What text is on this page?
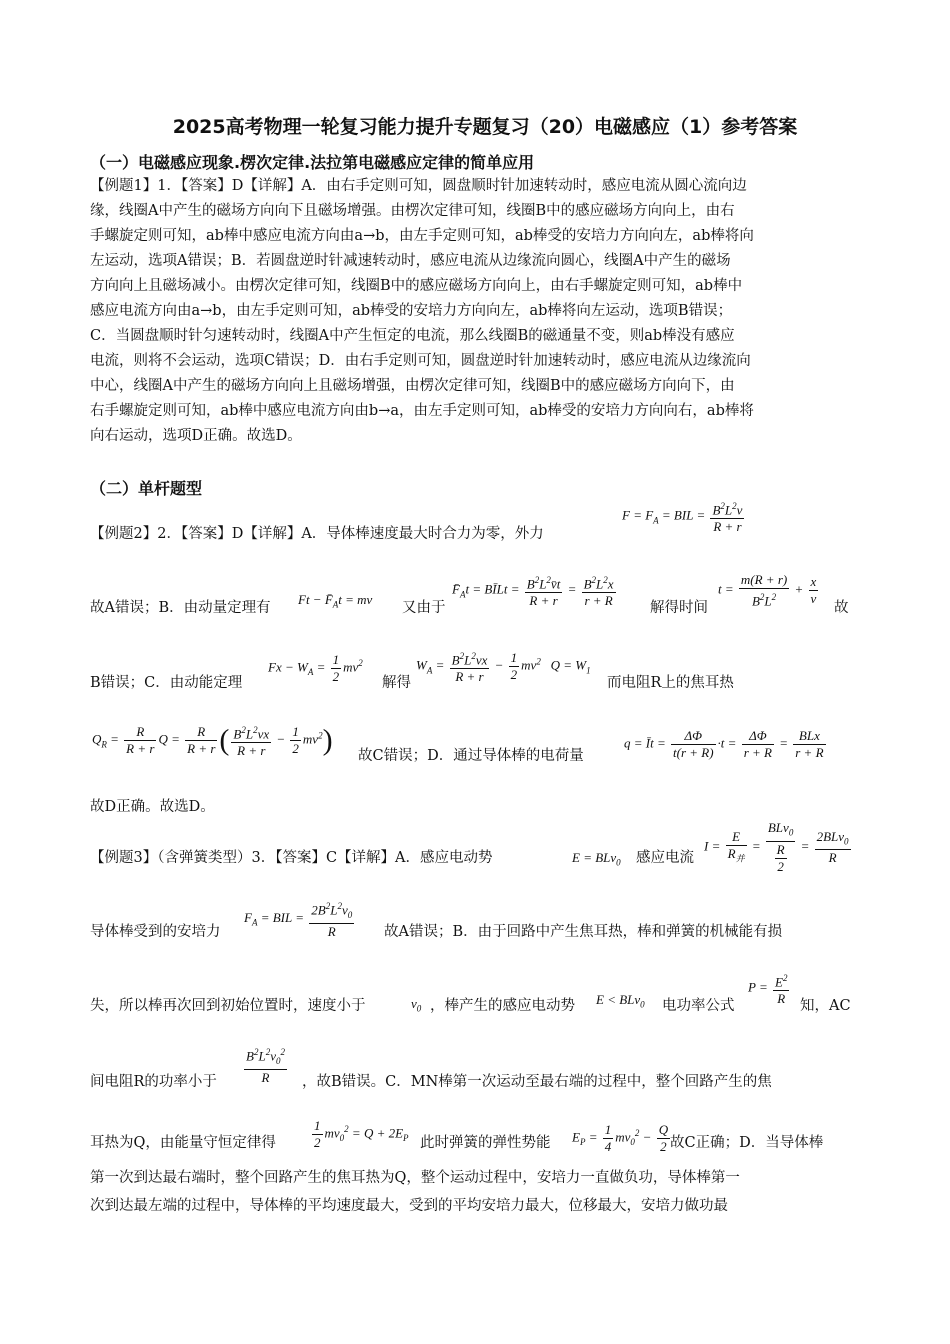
2025高考物理一轮复习能力提升专题复习（20）电磁感应（1）参考答案
（一）电磁感应现象.楞次定律.法拉第电磁感应定律的简单应用
【例题1】1．【答案】D【详解】A．由右手定则可知，圆盘顺时针加速转动时，感应电流从圆心流向边
缘，线圈A中产生的磁场方向向下且磁场增强。由楞次定律可知，线圈B中的感应磁场方向向上，由右
手螺旋定则可知，ab棒中感应电流方向由a→b，由左手定则可知，ab棒受的安培力方向向左，ab棒将向
左运动，选项A错误；B．若圆盘逆时针减速转动时，感应电流从边缘流向圆心，线圈A中产生的磁场
方向向上且磁场减小。由楞次定律可知，线圈B中的感应磁场方向向上，由右手螺旋定则可知，ab棒中
感应电流方向由a→b，由左手定则可知，ab棒受的安培力方向向左，ab棒将向左运动，选项B错误；
C．当圆盘顺时针匀速转动时，线圈A中产生恒定的电流，那么线圈B的磁通量不变，则ab棒没有感应
电流，则将不会运动，选项C错误；D．由右手定则可知，圆盘逆时针加速转动时，感应电流从边缘流向
中心，线圈A中产生的磁场方向向上且磁场增强，由楞次定律可知，线圈B中的感应磁场方向向下，由
右手螺旋定则可知，ab棒中感应电流方向由b→a，由左手定则可知，ab棒受的安培力方向向右，ab棒将
向右运动，选项D正确。故选D。
（二）单杆题型
【例题2】2．【答案】D【详解】A．导体棒速度最大时合力为零，外力
$F = F_A$ = BIL = $\frac{B^2L^2v}{R + r}$
故A错误；B．由动量定理有
$Ft - F̄_At$ = mv
又由于
$F̄_At$ = BĪLt = $\frac{B^2L^2v̄t}{R + r} = \frac{B^2L^2x}{r + R}$ 解得时间
$t = \frac{m(R + r)}{B^2L^2} + \frac{x}{v}$
故
B错误；C．由动能定理
$Fx - W_A = \frac{1}{2} mv^2$
解得
$W_A = \frac{B^2L^2vx}{R + r} - \frac{1}{2} mv^2$   $Q = W_1$
而电阻R上的焦耳热
$Q_R = \frac{R}{R + r}$ $Q = \frac{R}{R + r}$ ( $\frac{B^2L^2vx}{R + r} - \frac{1}{2} mv^2$) 故C错误；D．通过导体棒的电荷量
q = Īt = $\frac{\Delta\Phi}{t(r + R)} \cdot t = \frac{\Delta\Phi}{r + R}$ = BLx
r + R
故D正确。故选D。
【例题3】（含弹簧类型）3．【答案】C【详解】A．感应电动势	E = BLv$_0$ 感应电流
I =
E
$R_并$
=
BLv$_0$
$\frac{R}{2}$ =
2BLv$_0$
R
导体棒受到的安培力
$F_A$ = BIL = $\frac{2B^2L^2v_0}{R}$ 故A错误；B．由于回路中产生焦耳热，棒和弹簧的机械能有损
失，所以棒再次回到初始位置时，速度小于	$v_0$ ，棒产生的感应电动势 E < BLv$_0$ 电功率公式
$P = \frac{E^2}{R}$ 知，AC
间电阻R的功率小于 $\frac{B^2L^2v_0^2}{R}$ ，故B错误。C．MN棒第一次运动至最右端的过程中，整个回路产生的焦
耳热为Q，由能量守恒定律得	$\frac{1}{2} mv_0^2 = Q + 2E_P$ 此时弹簧的弹性势能 $E_P = \frac{1}{4} mv_0^2 - \frac{Q}{2}$ 故C正确；D．当导体棒
第一次到达最右端时，整个回路产生的焦耳热为Q，整个运动过程中，安培力一直做负功，导体棒第一
次到达最左端的过程中，导体棒的平均速度最大，受到的平均安培力最大，位移最大，安培力做功最
